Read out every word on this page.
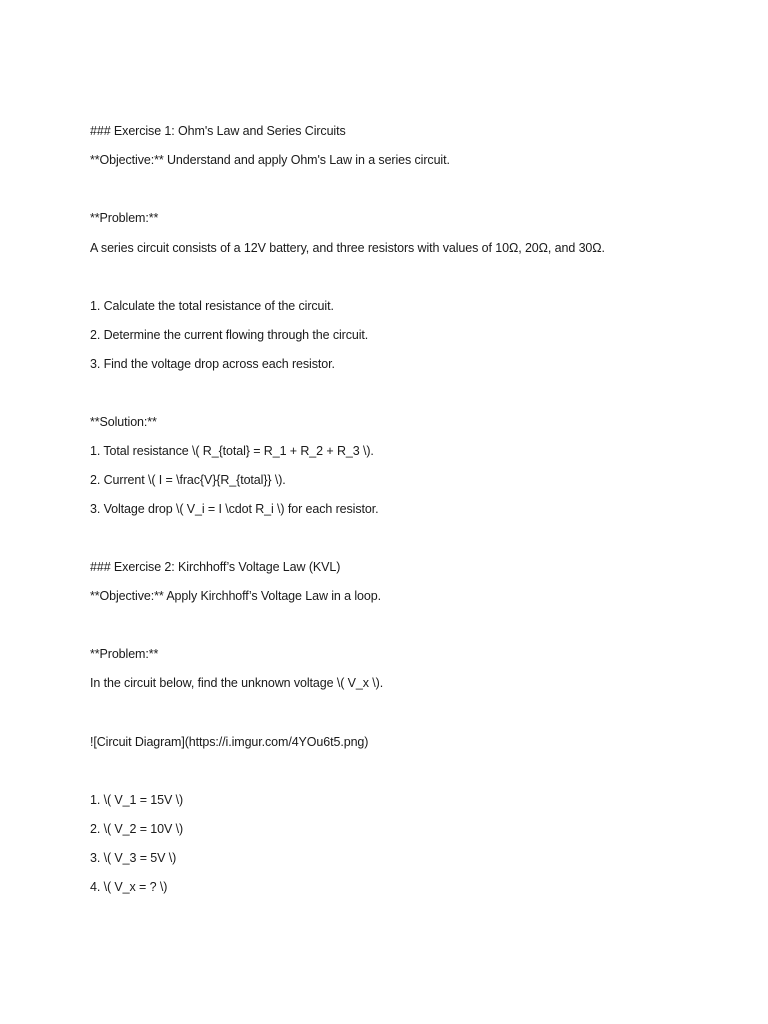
### Exercise 1: Ohm's Law and Series Circuits
**Objective:** Understand and apply Ohm's Law in a series circuit.
**Problem:**
A series circuit consists of a 12V battery, and three resistors with values of 10Ω, 20Ω, and 30Ω.
1. Calculate the total resistance of the circuit.
2. Determine the current flowing through the circuit.
3. Find the voltage drop across each resistor.
**Solution:**
1. Total resistance \( R_{total} = R_1 + R_2 + R_3 \).
2. Current \( I = \frac{V}{R_{total}} \).
3. Voltage drop \( V_i = I \cdot R_i \) for each resistor.
### Exercise 2: Kirchhoff’s Voltage Law (KVL)
**Objective:** Apply Kirchhoff’s Voltage Law in a loop.
**Problem:**
In the circuit below, find the unknown voltage \( V_x \).
![Circuit Diagram](https://i.imgur.com/4YOu6t5.png)
1. \( V_1 = 15V \)
2. \( V_2 = 10V \)
3. \( V_3 = 5V \)
4. \( V_x = ? \)
